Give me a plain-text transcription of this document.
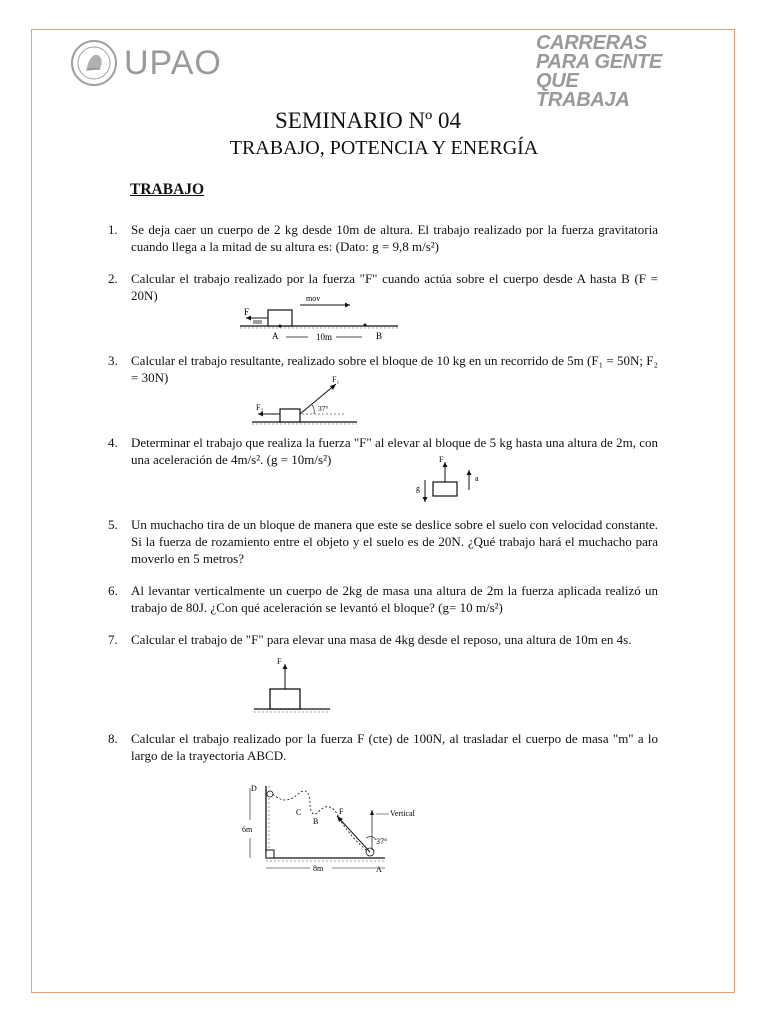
UPAO
CARRERAS
PARA GENTE
QUE TRABAJA
SEMINARIO Nº 04
TRABAJO, POTENCIA Y ENERGÍA
TRABAJO
1. Se deja caer un cuerpo de 2 kg desde 10m de altura. El trabajo realizado por la fuerza gravitatoria cuando llega a la mitad de su altura es: (Dato: g = 9,8 m/s²)
2. Calcular el trabajo realizado por la fuerza "F" cuando actúa sobre el cuerpo desde A hasta B (F = 20N)
3. Calcular el trabajo resultante, realizado sobre el bloque de 10 kg en un recorrido de 5m (F₁ = 50N; F₂ = 30N)
4. Determinar el trabajo que realiza la fuerza "F" al elevar al bloque de 5 kg hasta una altura de 2m, con una aceleración de 4m/s². (g = 10m/s²)
5. Un muchacho tira de un bloque de manera que este se deslice sobre el suelo con velocidad constante. Si la fuerza de rozamiento entre el objeto y el suelo es de 20N. ¿Qué trabajo hará el muchacho para moverlo en 5 metros?
6. Al levantar verticalmente un cuerpo de 2kg de masa una altura de 2m la fuerza aplicada realizó un trabajo de 80J. ¿Con qué aceleración se levantó el bloque? (g= 10 m/s²)
7. Calcular el trabajo de "F" para elevar una masa de 4kg desde el reposo, una altura de 10m en 4s.
8. Calcular el trabajo realizado por la fuerza F (cte) de 100N, al trasladar el cuerpo de masa "m" a lo largo de la trayectoria ABCD.
F
mov
A	B
10m
F₁
F₂	37°
F
g
a
F
D
C
B
F
A
Vertical
37°
6m
8m
